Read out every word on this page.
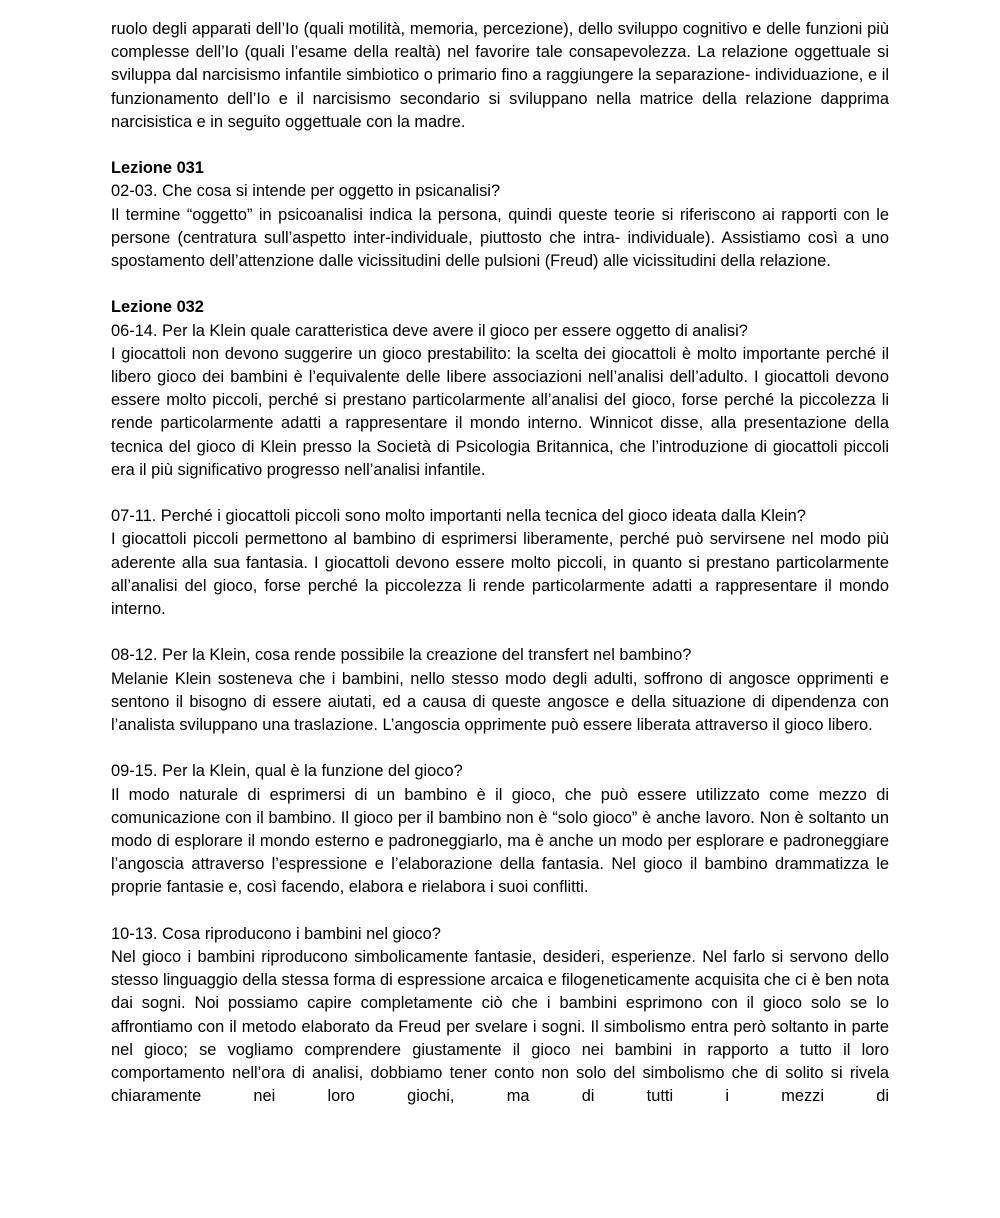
ruolo degli apparati dell’Io (quali motilità, memoria, percezione), dello sviluppo cognitivo e delle funzioni più complesse dell’Io (quali l’esame della realtà) nel favorire tale consapevolezza. La relazione oggettuale si sviluppa dal narcisismo infantile simbiotico o primario fino a raggiungere la separazione- individuazione, e il funzionamento dell’Io e il narcisismo secondario si sviluppano nella matrice della relazione dapprima narcisistica e in seguito oggettuale con la madre.

Lezione 031

02-03. Che cosa si intende per oggetto in psicanalisi?

Il termine “oggetto” in psicoanalisi indica la persona, quindi queste teorie si riferiscono ai rapporti con le persone (centratura sull’aspetto inter-individuale, piuttosto che intra- individuale). Assistiamo così a uno spostamento dell’attenzione dalle vicissitudini delle pulsioni (Freud) alle vicissitudini della relazione.

Lezione 032

06-14. Per la Klein quale caratteristica deve avere il gioco per essere oggetto di analisi?

I giocattoli non devono suggerire un gioco prestabilito: la scelta dei giocattoli è molto importante perché il libero gioco dei bambini è l’equivalente delle libere associazioni nell’analisi dell’adulto. I giocattoli devono essere molto piccoli, perché si prestano particolarmente all’analisi del gioco, forse perché la piccolezza li rende particolarmente adatti a rappresentare il mondo interno. Winnicot disse, alla presentazione della tecnica del gioco di Klein presso la Società di Psicologia Britannica, che l’introduzione di giocattoli piccoli era il più significativo progresso nell’analisi infantile.

07-11. Perché i giocattoli piccoli sono molto importanti nella tecnica del gioco ideata dalla Klein?

I giocattoli piccoli permettono al bambino di esprimersi liberamente, perché può servirsene nel modo più aderente alla sua fantasia. I giocattoli devono essere molto piccoli, in quanto si prestano particolarmente all’analisi del gioco, forse perché la piccolezza li rende particolarmente adatti a rappresentare il mondo interno.

08-12. Per la Klein, cosa rende possibile la creazione del transfert nel bambino?

Melanie Klein sosteneva che i bambini, nello stesso modo degli adulti, soffrono di angosce opprimenti e sentono il bisogno di essere aiutati, ed a causa di queste angosce e della situazione di dipendenza con l’analista sviluppano una traslazione. L’angoscia opprimente può essere liberata attraverso il gioco libero.

09-15. Per la Klein, qual è la funzione del gioco?

Il modo naturale di esprimersi di un bambino è il gioco, che può essere utilizzato come mezzo di comunicazione con il bambino. Il gioco per il bambino non è “solo gioco” è anche lavoro. Non è soltanto un modo di esplorare il mondo esterno e padroneggiarlo, ma è anche un modo per esplorare e padroneggiare l’angoscia attraverso l’espressione e l’elaborazione della fantasia. Nel gioco il bambino drammatizza le proprie fantasie e, così facendo, elabora e rielabora i suoi conflitti.

10-13. Cosa riproducono i bambini nel gioco?

Nel gioco i bambini riproducono simbolicamente fantasie, desideri, esperienze. Nel farlo si servono dello stesso linguaggio della stessa forma di espressione arcaica e filogeneticamente acquisita che ci è ben nota dai sogni. Noi possiamo capire completamente ciò che i bambini esprimono con il gioco solo se lo affrontiamo con il metodo elaborato da Freud per svelare i sogni. Il simbolismo entra però soltanto in parte nel gioco; se vogliamo comprendere giustamente il gioco nei bambini in rapporto a tutto il loro comportamento nell’ora di analisi, dobbiamo tener conto non solo del simbolismo che di solito si rivela chiaramente nei loro giochi, ma di tutti i mezzi di
